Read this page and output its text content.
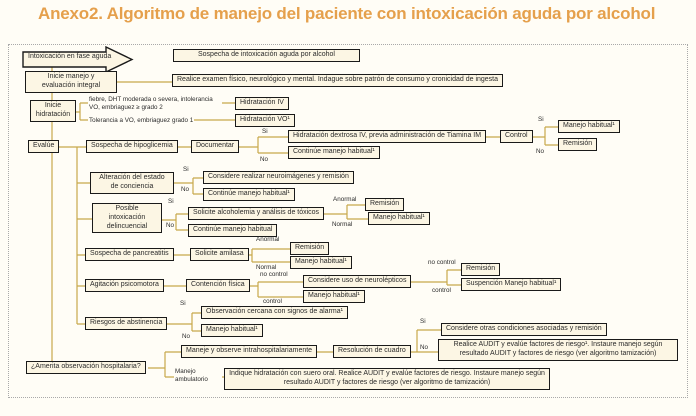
Anexo2. Algoritmo de manejo del paciente con intoxicación aguda por alcohol
Intoxicación en fase aguda	Sospecha de intoxicación aguda por alcohol
Inicie manejo y evaluación integral
Realice examen físico, neurológico y mental. Indague sobre patrón de consumo y cronicidad de ingesta
Inicie hidratación
Hidratación IV
Hidratación VO¹
Evalúe	Sospecha de hipoglicemia	Documentar
Hidratación dextrosa IV, previa administración de Tiamina IM	Control
Manejo habitual¹
Remisión
Continúe manejo habitual¹
Alteración del estado de conciencia
Considere realizar neuroimágenes y remisión
Continúe manejo habitual¹
Posible intoxicación delincuencial
Solicite alcoholemia y análisis de tóxicos
Remisión
Manejo habitual¹
Continúe manejo habitual
Sospecha de pancreatitis	Solicite amilasa
Remisión
Manejo habitual¹
Agitación psicomotora	Contención física
Considere uso de neurolépticos
Manejo habitual¹
Remisión
Suspención Manejo habitual¹
Riesgos de abstinencia
Observación cercana con signos de alarma¹
Manejo habitual¹
¿Amerita observación hospitalaria?
Maneje y observe intrahospitalariamente	Resolución de cuadro
Considere otras condiciones asociadas y remisión
Realice AUDIT y evalúe factores de riesgo¹. Instaure manejo según resultado AUDIT y factores de riesgo (ver algoritmo tamización)
Indique hidratación con suero oral. Realice AUDIT y evalúe factores de riesgo. Instaure manejo según resultado AUDIT y factores de riesgo (ver algoritmo de tamización)
fiebre, DHT moderada o severa, intolerancia VO, embriaguez ≥ grado 2
Tolerancia a VO, embriaguez grado 1
Si
No
Si
No
Si
No
Si
No
Anormal
Normal
Anormal
Normal
no control
control
no control
control
Si
No
Si
No
Manejo ambulatorio
